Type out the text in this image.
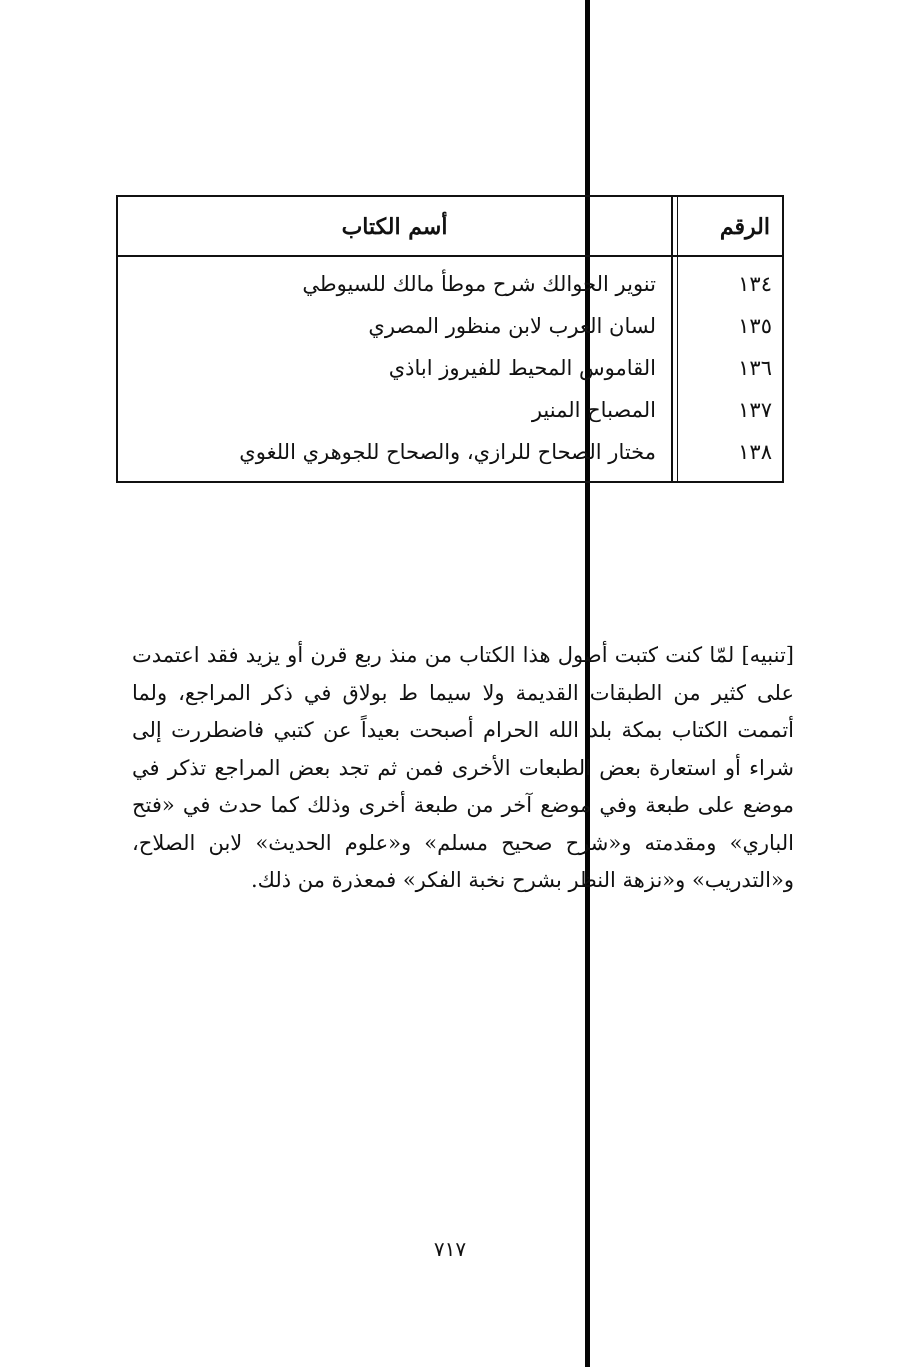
الرقم
أسم الكتاب
١٣٤
تنوير الحوالك شرح موطأ مالك للسيوطي
١٣٥
لسان العرب لابن منظور المصري
١٣٦
القاموس المحيط للفيروز اباذي
١٣٧
المصباح المنير
١٣٨
مختار الصحاح للرازي، والصحاح للجوهري اللغوي

[تنبيه] لمّا كنت كتبت أصول هذا الكتاب من منذ ربع قرن أو يزيد فقد اعتمدت على كثير من الطبقات القديمة ولا سيما ط بولاق في ذكر المراجع، ولما أتممت الكتاب بمكة بلد الله الحرام أصبحت بعيداً عن كتبي فاضطررت إلى شراء أو استعارة بعض الطبعات الأخرى فمن ثم تجد بعض المراجع تذكر في موضع على طبعة وفي موضع آخر من طبعة أخرى وذلك كما حدث في «فتح الباري» ومقدمته و«شرح صحيح مسلم» و«علوم الحديث» لابن الصلاح، و«التدريب» و«نزهة النظر بشرح نخبة الفكر» فمعذرة من ذلك.

٧١٧
